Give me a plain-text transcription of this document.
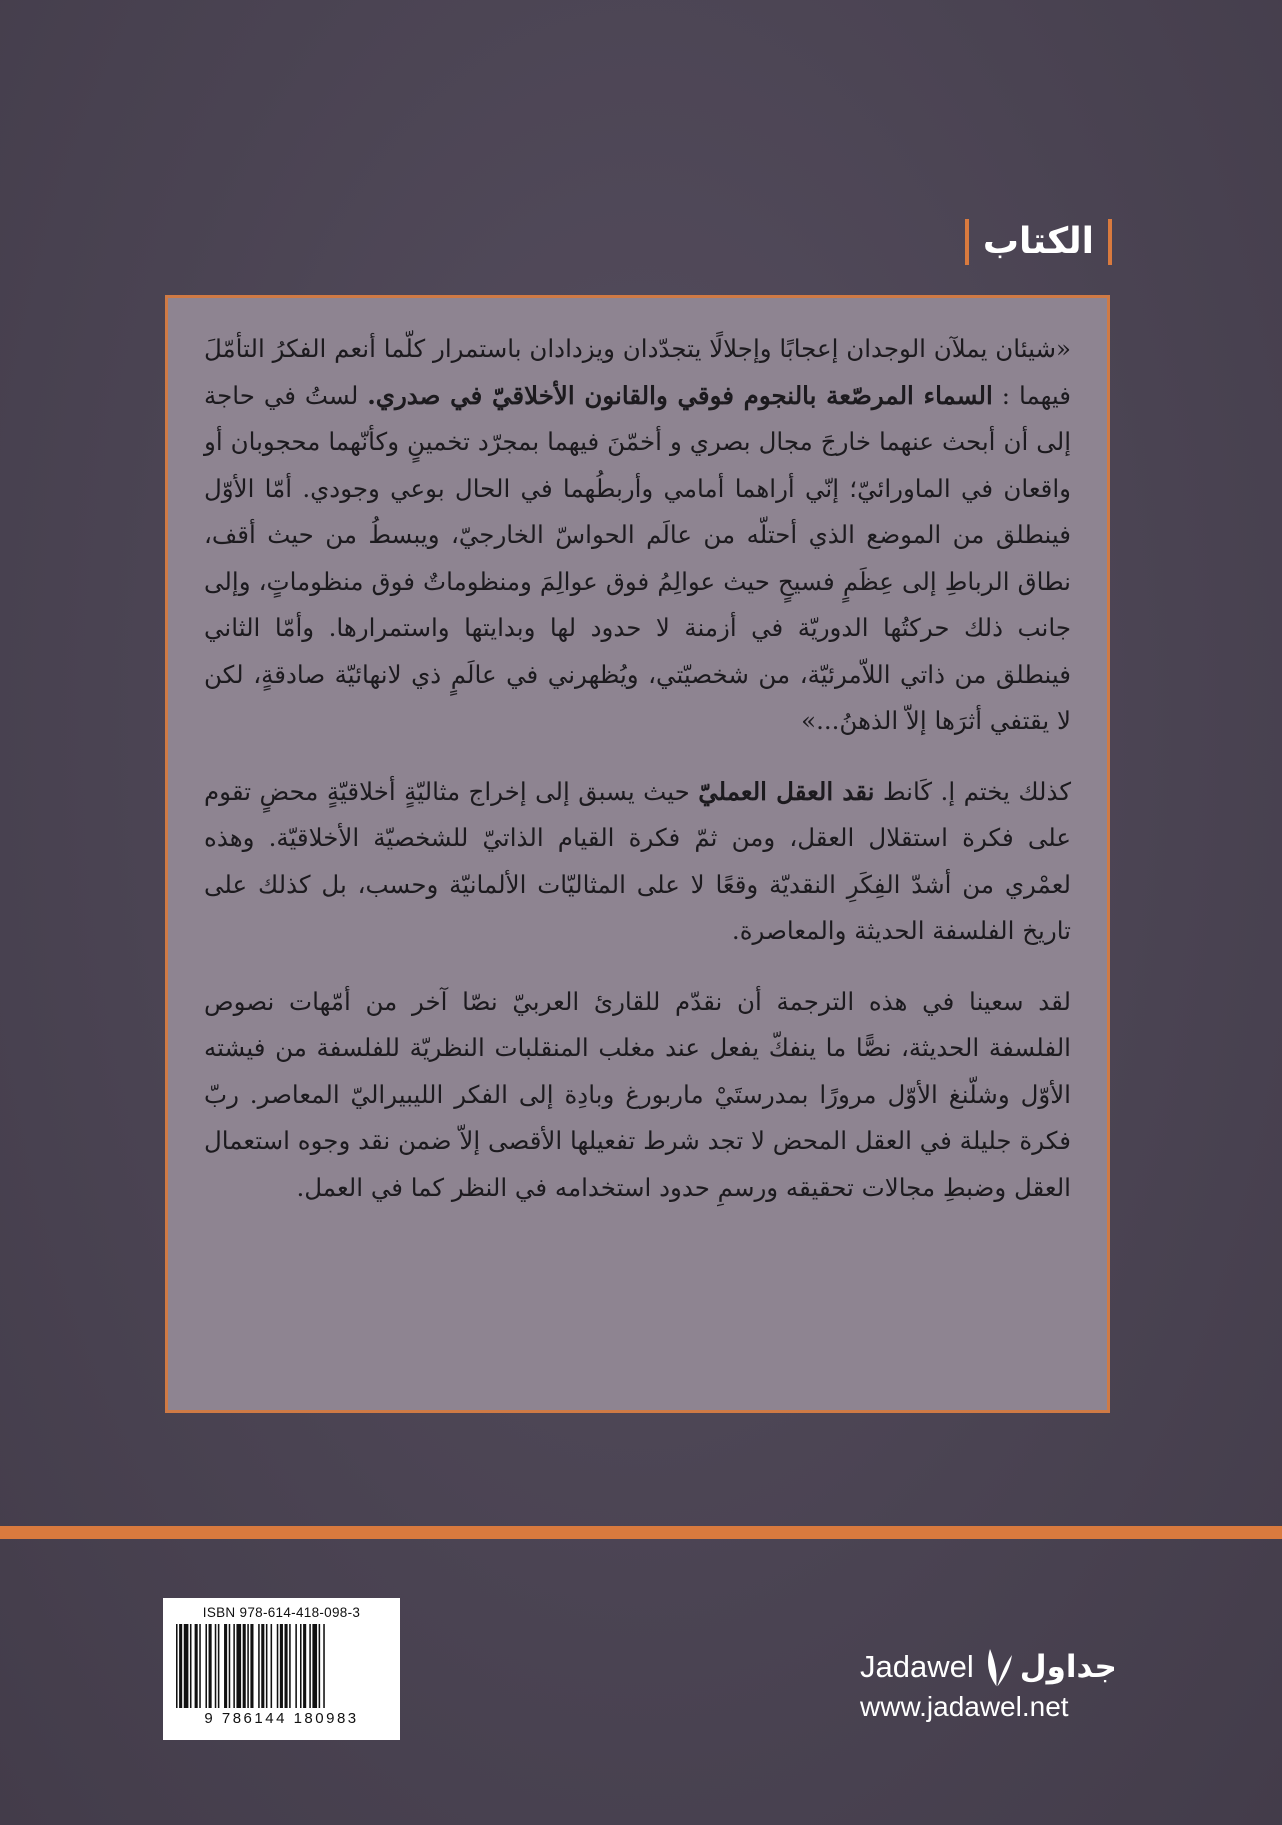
الكتاب

«شيئان يملآن الوجدان إعجابًا وإجلالًا يتجدّدان ويزدادان باستمرار كلّما أنعم الفكرُ التأمّلَ فيهما : السماء المرصّعة بالنجوم فوقي والقانون الأخلاقيّ في صدري. لستُ في حاجة إلى أن أبحث عنهما خارجَ مجال بصري و أخمّنَ فيهما بمجرّد تخمينٍ وكأنّهما محجوبان أو واقعان في الماورائيّ؛ إنّي أراهما أمامي وأربطُهما في الحال بوعي وجودي. أمّا الأوّل فينطلق من الموضع الذي أحتلّه من عالَم الحواسّ الخارجيّ، ويبسطُ من حيث أقف، نطاق الرباطِ إلى عِظَمٍ فسيحٍ حيث عوالِمُ فوق عوالِمَ ومنظوماتٌ فوق منظوماتٍ، وإلى جانب ذلك حركتُها الدوريّة في أزمنة لا حدود لها وبدايتها واستمرارها. وأمّا الثاني فينطلق من ذاتي اللاّمرئيّة، من شخصيّتي، ويُظهرني في عالَمٍ ذي لانهائيّة صادقةٍ، لكن لا يقتفي أثرَها إلاّ الذهنُ...»

كذلك يختم إ. كَانط نقد العقل العمليّ حيث يسبق إلى إخراج مثاليّةٍ أخلاقيّةٍ محضٍ تقوم على فكرة استقلال العقل، ومن ثمّ فكرة القيام الذاتيّ للشخصيّة الأخلاقيّة. وهذه لعمْري من أشدّ الفِكَرِ النقديّة وقعًا لا على المثاليّات الألمانيّة وحسب، بل كذلك على تاريخ الفلسفة الحديثة والمعاصرة.

لقد سعينا في هذه الترجمة أن نقدّم للقارئ العربيّ نصّا آخر من أمّهات نصوص الفلسفة الحديثة، نصًّا ما ينفكّ يفعل عند مغلب المنقلبات النظريّة للفلسفة من فيشته الأوّل وشلّنغ الأوّل مرورًا بمدرستَيْ ماربورغ وبادِة إلى الفكر الليبيراليّ المعاصر. ربّ فكرة جليلة في العقل المحض لا تجد شرط تفعيلها الأقصى إلاّ ضمن نقد وجوه استعمال العقل وضبطِ مجالات تحقيقه ورسمِ حدود استخدامه في النظر كما في العمل.

ISBN 978-614-418-098-3
9 786144 180983
Jadawel جداول
www.jadawel.net
